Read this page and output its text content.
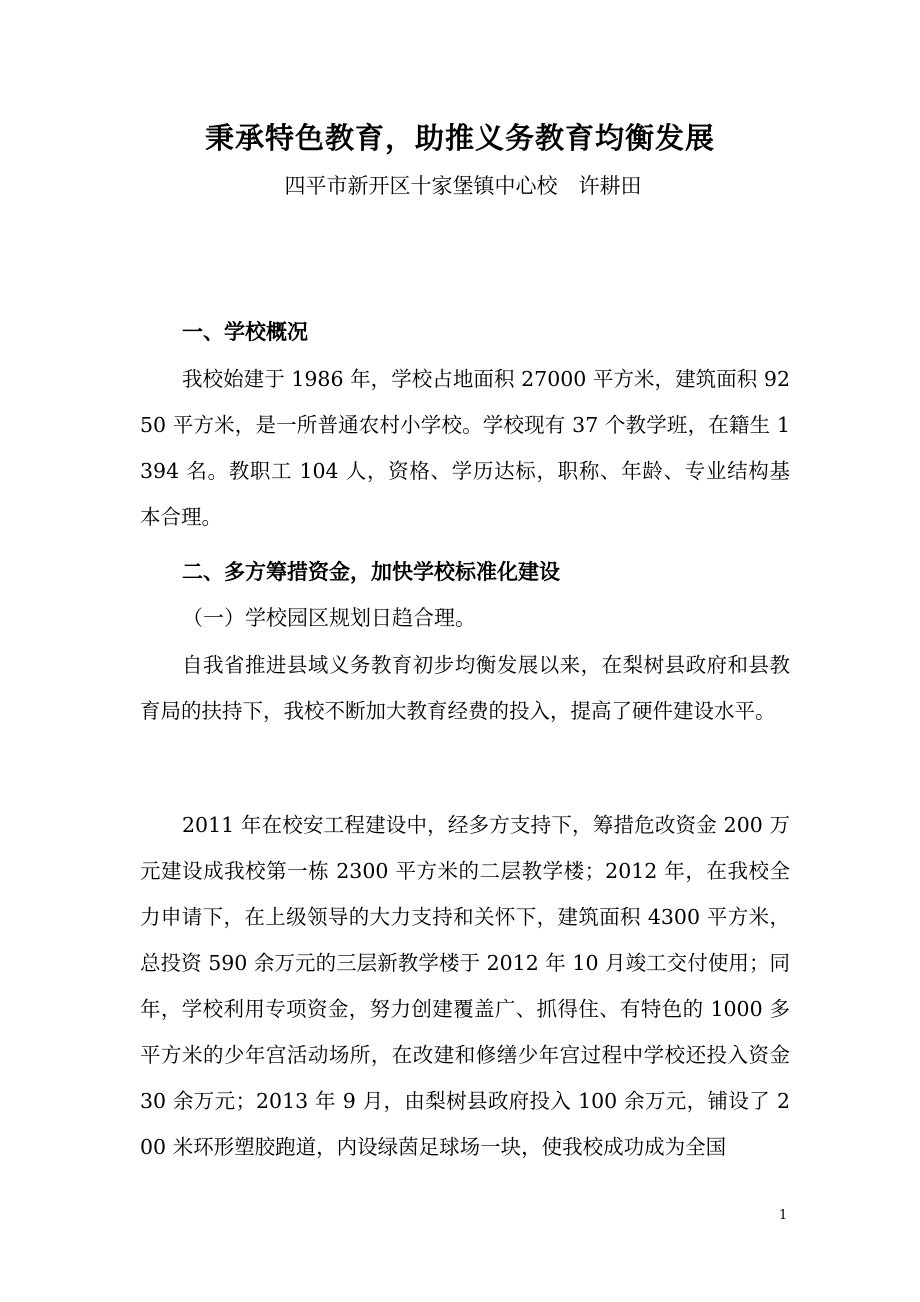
秉承特色教育，助推义务教育均衡发展
四平市新开区十家堡镇中心校　许耕田
一、学校概况
我校始建于 1986 年，学校占地面积 27000 平方米，建筑面积 9250 平方米，是一所普通农村小学校。学校现有 37 个教学班，在籍生 1394 名。教职工 104 人，资格、学历达标，职称、年龄、专业结构基本合理。
二、多方筹措资金，加快学校标准化建设
（一）学校园区规划日趋合理。
自我省推进县域义务教育初步均衡发展以来，在梨树县政府和县教育局的扶持下，我校不断加大教育经费的投入，提高了硬件建设水平。
2011 年在校安工程建设中，经多方支持下，筹措危改资金 200 万元建设成我校第一栋 2300 平方米的二层教学楼；2012 年，在我校全力申请下，在上级领导的大力支持和关怀下，建筑面积 4300 平方米，总投资 590 余万元的三层新教学楼于 2012 年 10 月竣工交付使用；同年，学校利用专项资金，努力创建覆盖广、抓得住、有特色的 1000 多平方米的少年宫活动场所，在改建和修缮少年宫过程中学校还投入资金 30 余万元；2013 年 9 月，由梨树县政府投入 100 余万元，铺设了 200 米环形塑胶跑道，内设绿茵足球场一块，使我校成功成为全国
1
